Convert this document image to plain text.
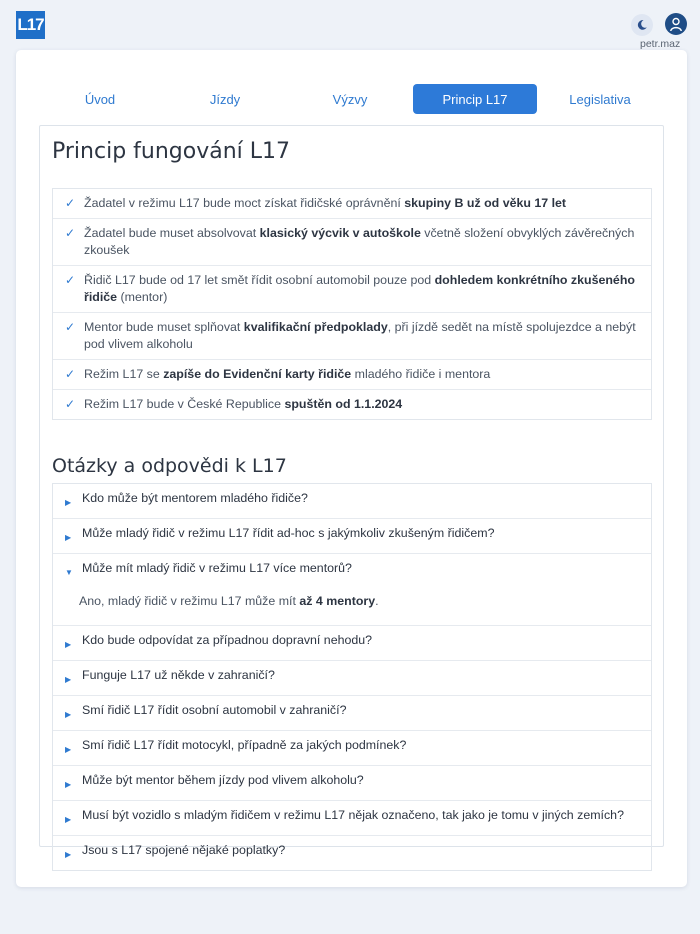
L17
petr.maz
Úvod	Jízdy	Výzvy	Princip L17	Legislativa
Princip fungování L17
✓ Žadatel v režimu L17 bude moct získat řidičské oprávnění skupiny B už od věku 17 let
✓ Žadatel bude muset absolvovat klasický výcvik v autoškole včetně složení obvyklých závěrečných zkoušek
✓ Řidič L17 bude od 17 let smět řídit osobní automobil pouze pod dohledem konkrétního zkušeného řidiče (mentor)
✓ Mentor bude muset splňovat kvalifikační předpoklady, při jízdě sedět na místě spolujezdce a nebýt pod vlivem alkoholu
✓ Režim L17 se zapíše do Evidenční karty řidiče mladého řidiče i mentora
✓ Režim L17 bude v České Republice spuštěn od 1.1.2024
Otázky a odpovědi k L17
▶ Kdo může být mentorem mladého řidiče?
▶ Může mladý řidič v režimu L17 řídit ad-hoc s jakýmkoliv zkušeným řidičem?
▼ Může mít mladý řidič v režimu L17 více mentorů?
Ano, mladý řidič v režimu L17 může mít až 4 mentory.
▶ Kdo bude odpovídat za případnou dopravní nehodu?
▶ Funguje L17 už někde v zahraničí?
▶ Smí řidič L17 řídit osobní automobil v zahraničí?
▶ Smí řidič L17 řídit motocykl, případně za jakých podmínek?
▶ Může být mentor během jízdy pod vlivem alkoholu?
▶ Musí být vozidlo s mladým řidičem v režimu L17 nějak označeno, tak jako je tomu v jiných zemích?
▶ Jsou s L17 spojené nějaké poplatky?
